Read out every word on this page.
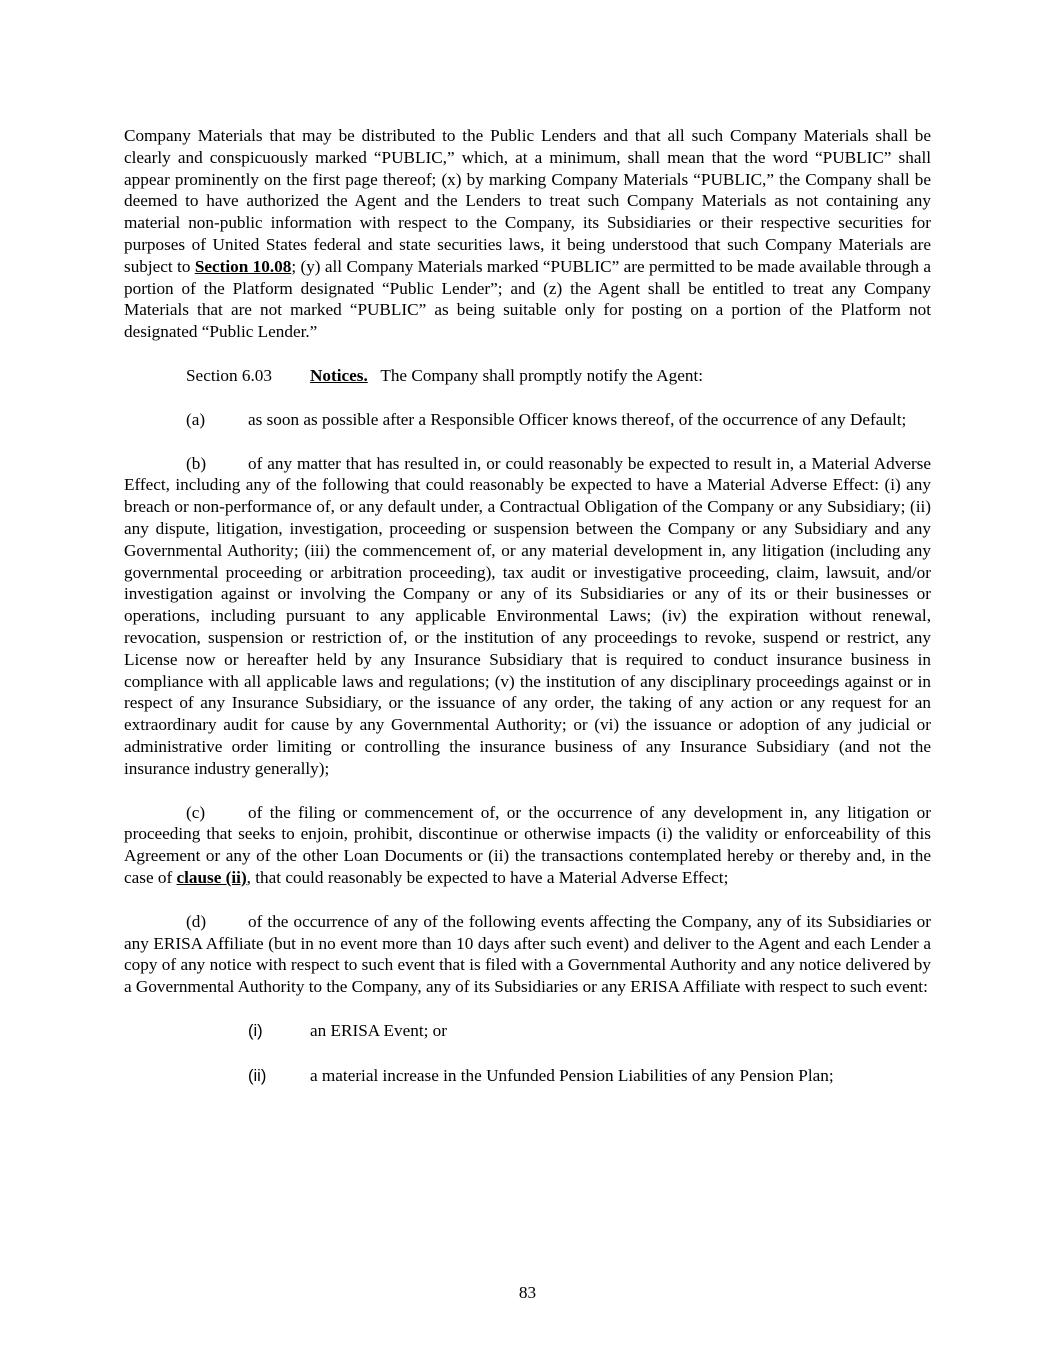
Company Materials that may be distributed to the Public Lenders and that all such Company Materials shall be clearly and conspicuously marked “PUBLIC,” which, at a minimum, shall mean that the word “PUBLIC” shall appear prominently on the first page thereof; (x) by marking Company Materials “PUBLIC,” the Company shall be deemed to have authorized the Agent and the Lenders to treat such Company Materials as not containing any material non-public information with respect to the Company, its Subsidiaries or their respective securities for purposes of United States federal and state securities laws, it being understood that such Company Materials are subject to Section 10.08; (y) all Company Materials marked “PUBLIC” are permitted to be made available through a portion of the Platform designated “Public Lender”; and (z) the Agent shall be entitled to treat any Company Materials that are not marked “PUBLIC” as being suitable only for posting on a portion of the Platform not designated “Public Lender.”

Section 6.03 Notices. The Company shall promptly notify the Agent:

(a) as soon as possible after a Responsible Officer knows thereof, of the occurrence of any Default;

(b) of any matter that has resulted in, or could reasonably be expected to result in, a Material Adverse Effect, including any of the following that could reasonably be expected to have a Material Adverse Effect: (i) any breach or non-performance of, or any default under, a Contractual Obligation of the Company or any Subsidiary; (ii) any dispute, litigation, investigation, proceeding or suspension between the Company or any Subsidiary and any Governmental Authority; (iii) the commencement of, or any material development in, any litigation (including any governmental proceeding or arbitration proceeding), tax audit or investigative proceeding, claim, lawsuit, and/or investigation against or involving the Company or any of its Subsidiaries or any of its or their businesses or operations, including pursuant to any applicable Environmental Laws; (iv) the expiration without renewal, revocation, suspension or restriction of, or the institution of any proceedings to revoke, suspend or restrict, any License now or hereafter held by any Insurance Subsidiary that is required to conduct insurance business in compliance with all applicable laws and regulations; (v) the institution of any disciplinary proceedings against or in respect of any Insurance Subsidiary, or the issuance of any order, the taking of any action or any request for an extraordinary audit for cause by any Governmental Authority; or (vi) the issuance or adoption of any judicial or administrative order limiting or controlling the insurance business of any Insurance Subsidiary (and not the insurance industry generally);

(c) of the filing or commencement of, or the occurrence of any development in, any litigation or proceeding that seeks to enjoin, prohibit, discontinue or otherwise impacts (i) the validity or enforceability of this Agreement or any of the other Loan Documents or (ii) the transactions contemplated hereby or thereby and, in the case of clause (ii), that could reasonably be expected to have a Material Adverse Effect;

(d) of the occurrence of any of the following events affecting the Company, any of its Subsidiaries or any ERISA Affiliate (but in no event more than 10 days after such event) and deliver to the Agent and each Lender a copy of any notice with respect to such event that is filed with a Governmental Authority and any notice delivered by a Governmental Authority to the Company, any of its Subsidiaries or any ERISA Affiliate with respect to such event:

(i)	an ERISA Event; or

(ii)	a material increase in the Unfunded Pension Liabilities of any Pension Plan;

83
